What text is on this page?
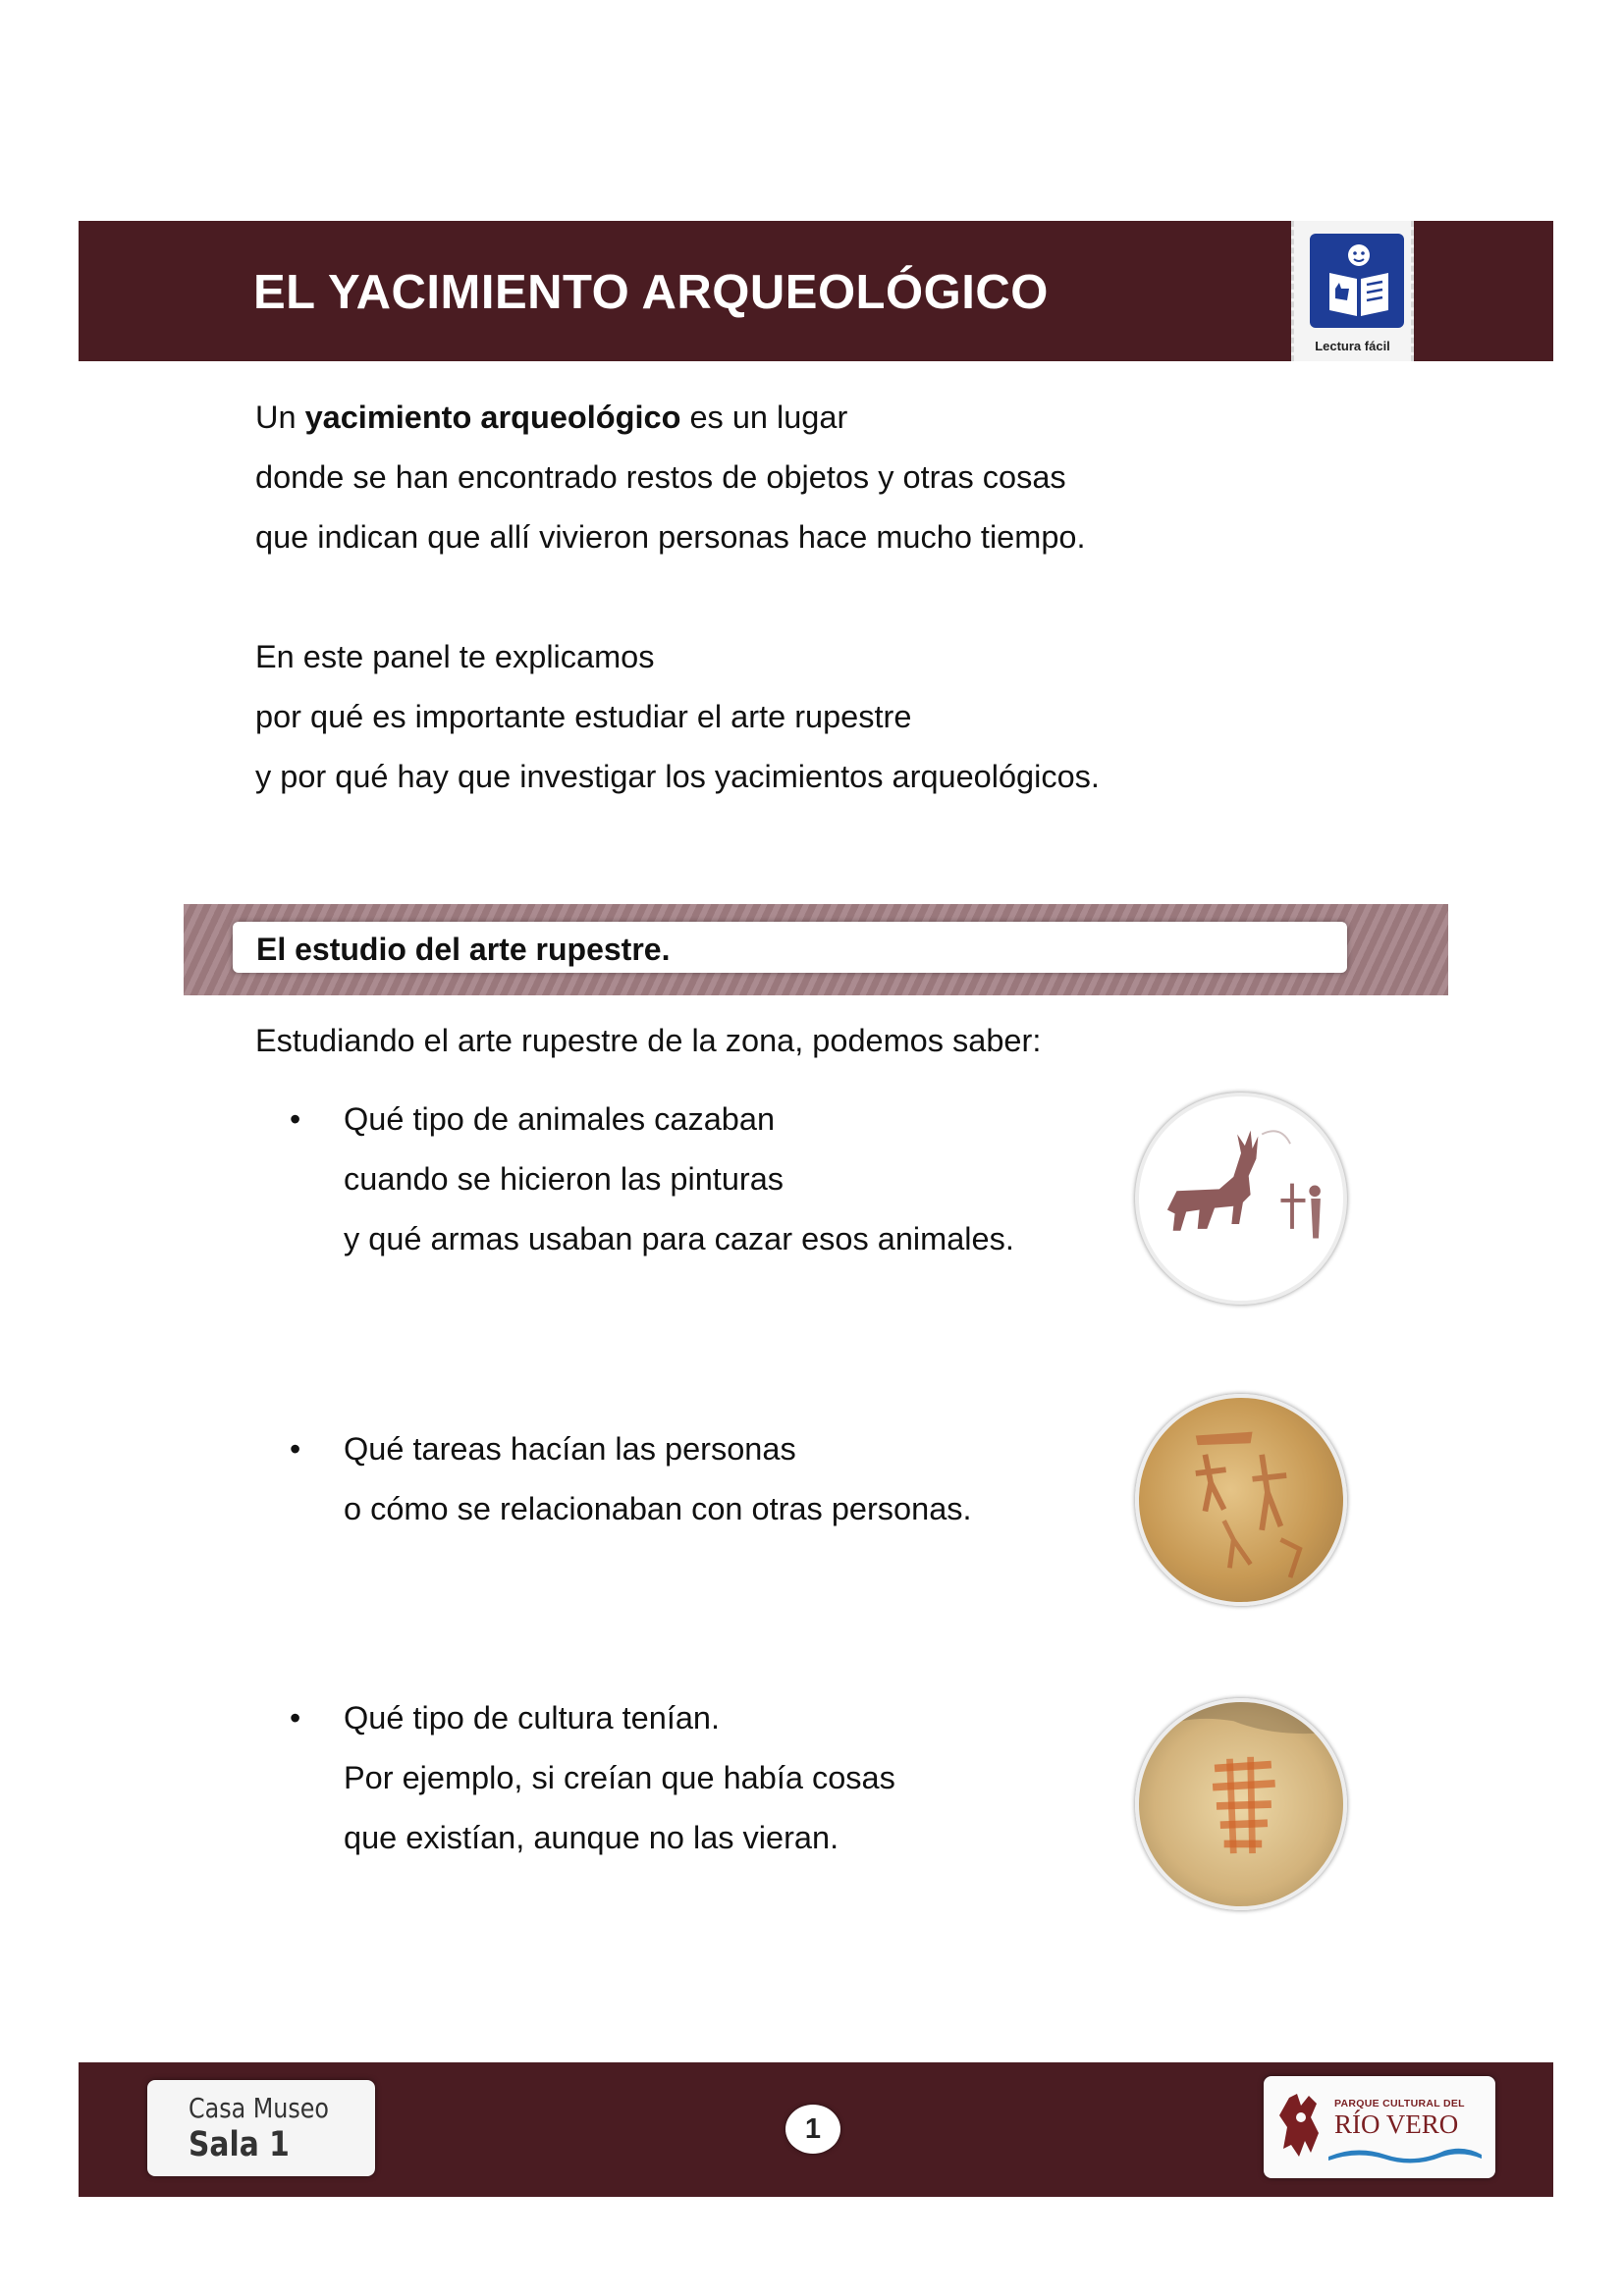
EL YACIMIENTO ARQUEOLÓGICO
Lectura fácil

Un yacimiento arqueológico es un lugar
donde se han encontrado restos de objetos y otras cosas
que indican que allí vivieron personas hace mucho tiempo.

En este panel te explicamos
por qué es importante estudiar el arte rupestre
y por qué hay que investigar los yacimientos arqueológicos.

El estudio del arte rupestre.

Estudiando el arte rupestre de la zona, podemos saber:

• Qué tipo de animales cazaban
cuando se hicieron las pinturas
y qué armas usaban para cazar esos animales.
• Qué tareas hacían las personas
o cómo se relacionaban con otras personas.
• Qué tipo de cultura tenían.
Por ejemplo, si creían que había cosas
que existían, aunque no las vieran.
Casa Museo
Sala 1	1
PARQUE CULTURAL DEL
RÍO VERO
